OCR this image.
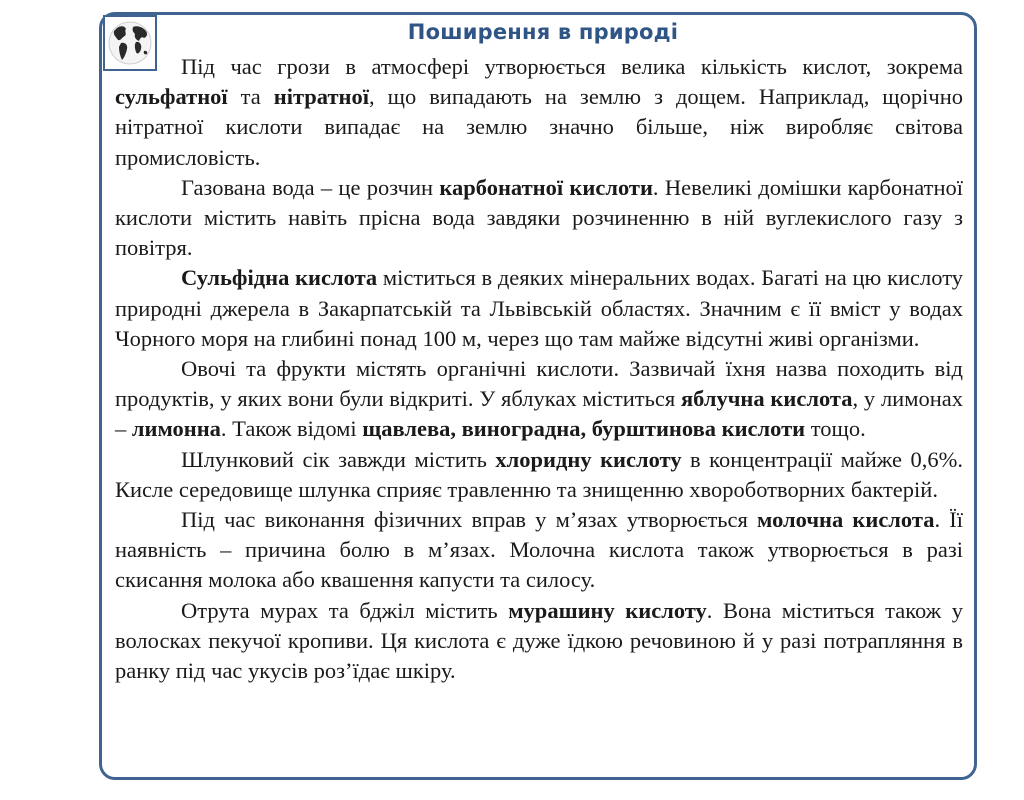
Поширення в природі

Під час грози в атмосфері утворюється велика кількість кислот, зокрема сульфатної та нітратної, що випадають на землю з дощем. Наприклад, щорічно нітратної кислоти випадає на землю значно більше, ніж виробляє світова промисловість.

Газована вода – це розчин карбонатної кислоти. Невеликі домішки карбонатної кислоти містить навіть прісна вода завдяки розчиненню в ній вуглекислого газу з повітря.

Сульфідна кислота міститься в деяких мінеральних водах. Багаті на цю кислоту природні джерела в Закарпатській та Львівській областях. Значним є її вміст у водах Чорного моря на глибині понад 100 м, через що там майже відсутні живі організми.

Овочі та фрукти містять органічні кислоти. Зазвичай їхня назва походить від продуктів, у яких вони були відкриті. У яблуках міститься яблучна кислота, у лимонах – лимонна. Також відомі щавлева, виноградна, бурштинова кислоти тощо.

Шлунковий сік завжди містить хлоридну кислоту в концентрації майже 0,6%. Кисле середовище шлунка сприяє травленню та знищенню хвороботворних бактерій.

Під час виконання фізичних вправ у м’язах утворюється молочна кислота. Її наявність – причина болю в м’язах. Молочна кислота також утворюється в разі скисання молока або квашення капусти та силосу.

Отрута мурах та бджіл містить мурашину кислоту. Вона міститься також у волосках пекучої кропиви. Ця кислота є дуже їдкою речовиною й у разі потрапляння в ранку під час укусів роз’їдає шкіру.
